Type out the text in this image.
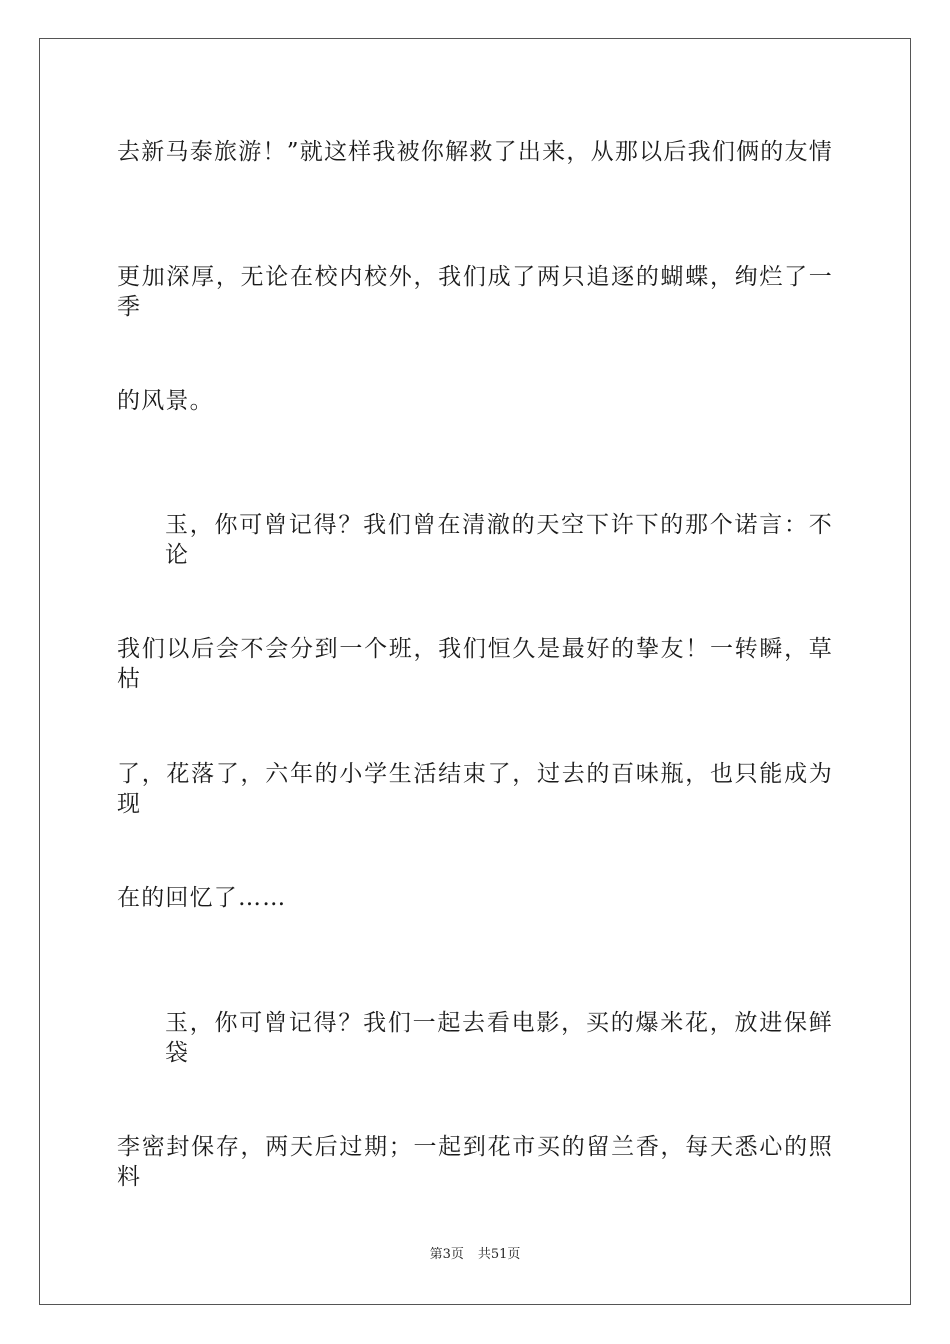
去新马泰旅游！”就这样我被你解救了出来，从那以后我们俩的友情
更加深厚，无论在校内校外，我们成了两只追逐的蝴蝶，绚烂了一季
的风景。
玉，你可曾记得？我们曾在清澈的天空下许下的那个诺言：不论
我们以后会不会分到一个班，我们恒久是最好的挚友！一转瞬，草枯
了，花落了，六年的小学生活结束了，过去的百味瓶，也只能成为现
在的回忆了……
玉，你可曾记得？我们一起去看电影，买的爆米花，放进保鲜袋
李密封保存，两天后过期；一起到花市买的留兰香，每天悉心的照料
第3页 共51页
